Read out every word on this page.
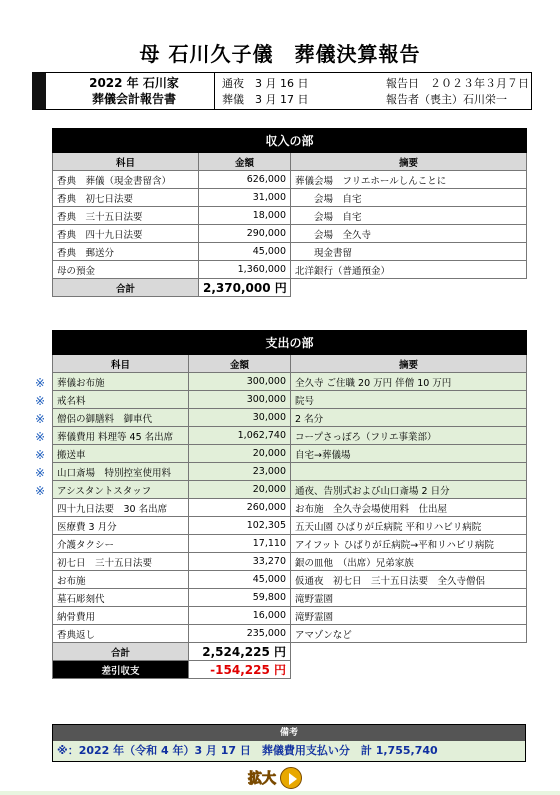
母 石川久子儀　葬儀決算報告
2022 年 石川家
葬儀会計報告書
通夜　3 月 16 日
葬儀　3 月 17 日
報告日　２０２３年３月７日
報告者（喪主）石川栄一
収入の部		
科目	金額	摘要
香典　葬儀（現金書留含）	626,000	葬儀会場　フリエホールしんことに
香典　初七日法要	31,000	　　会場　自宅
香典　三十五日法要	18,000	　　会場　自宅
香典　四十九日法要	290,000	　　会場　全久寺
香典　郵送分	45,000	　　現金書留
母の預金	1,360,000	北洋銀行（普通預金）
合計	2,370,000 円	
※
※
※
※
※
※
※
支出の部		
科目	金額	摘要
葬儀お布施	300,000	全久寺 ご住職 20 万円 伴僧 10 万円
戒名料	300,000	院号
僧侶の御膳料　御車代	30,000	2 名分
葬儀費用 料理等 45 名出席	1,062,740	コープさっぽろ（フリエ事業部）
搬送車	20,000	自宅→葬儀場
山口斎場　特別控室使用料	23,000	
アシスタントスタッフ	20,000	通夜、告別式および山口斎場 2 日分
四十九日法要　30 名出席	260,000	お布施　全久寺会場使用料　仕出屋
医療費 3 月分	102,305	五天山園 ひばりが丘病院 平和リハビリ病院
介護タクシー	17,110	アイフット ひばりが丘病院→平和リハビリ病院
初七日　三十五日法要	33,270	銀の皿他　（出席）兄弟家族
お布施	45,000	仮通夜　初七日　三十五日法要　全久寺僧侶
墓石彫刻代	59,800	滝野霊園
納骨費用	16,000	滝野霊園
香典返し	235,000	アマゾンなど
合計	2,524,225 円	
差引収支	-154,225 円	
備考
※：2022 年（令和 4 年）3 月 17 日　葬儀費用支払い分　計 1,755,740
拡大
